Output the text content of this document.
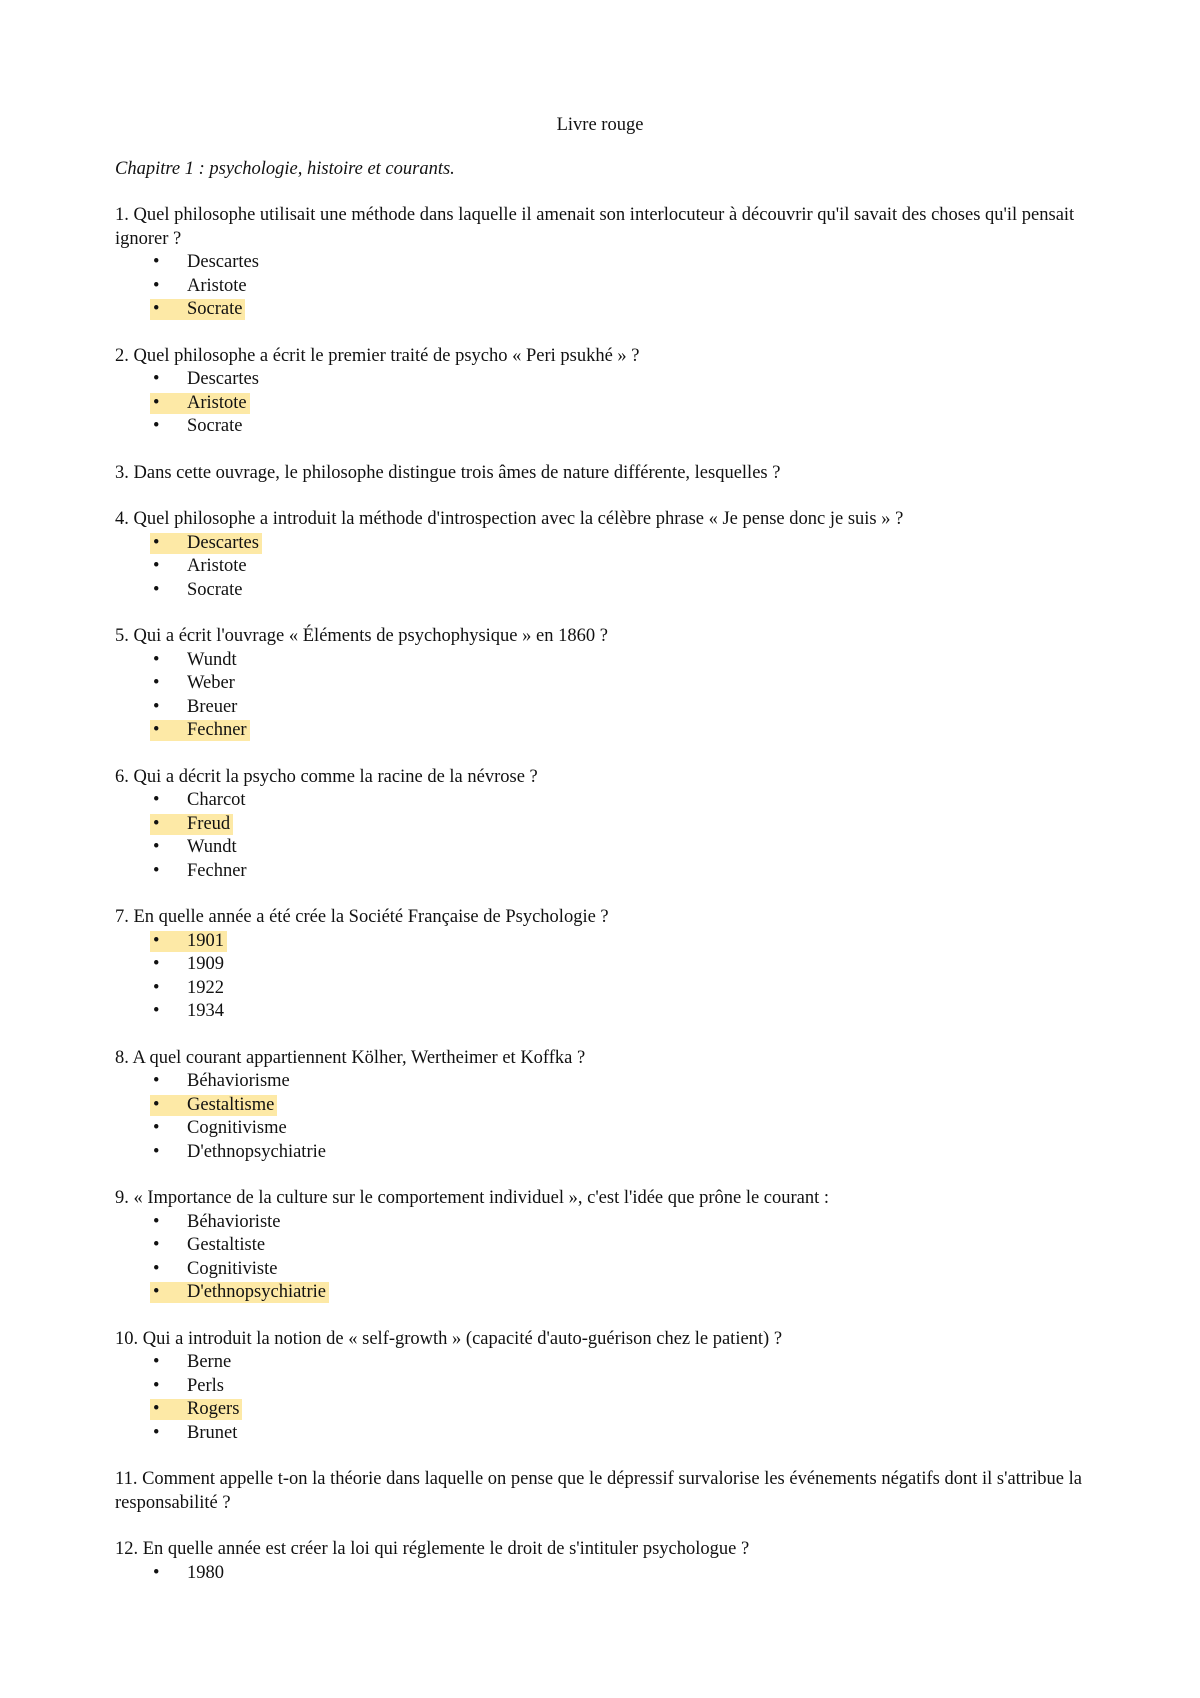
Livre rouge
Chapitre 1 : psychologie, histoire et courants.

1. Quel philosophe utilisait une méthode dans laquelle il amenait son interlocuteur à découvrir qu'il savait des choses qu'il pensait ignorer ?

• Descartes
• Aristote
• Socrate

2. Quel philosophe a écrit le premier traité de psycho « Peri psukhé » ?

• Descartes
• Aristote
• Socrate

3. Dans cette ouvrage, le philosophe distingue trois âmes de nature différente, lesquelles ?

4. Quel philosophe a introduit la méthode d'introspection avec la célèbre phrase « Je pense donc je suis » ?

• Descartes
• Aristote
• Socrate

5. Qui a écrit l'ouvrage « Éléments de psychophysique » en 1860 ?

• Wundt
• Weber
• Breuer
• Fechner

6. Qui a décrit la psycho comme la racine de la névrose ?

• Charcot
• Freud
• Wundt
• Fechner

7. En quelle année a été crée la Société Française de Psychologie ?

• 1901
• 1909
• 1922
• 1934

8. A quel courant appartiennent Kölher, Wertheimer et Koffka ?

• Béhaviorisme
• Gestaltisme
• Cognitivisme
• D'ethnopsychiatrie

9. « Importance de la culture sur le comportement individuel », c'est l'idée que prône le courant :

• Béhavioriste
• Gestaltiste
• Cognitiviste
• D'ethnopsychiatrie

10. Qui a introduit la notion de « self-growth » (capacité d'auto-guérison chez le patient) ?

• Berne
• Perls
• Rogers
• Brunet

11. Comment appelle t-on la théorie dans laquelle on pense que le dépressif survalorise les événements négatifs dont il s'attribue la responsabilité ?

12. En quelle année est créer la loi qui réglemente le droit de s'intituler psychologue ?

• 1980
